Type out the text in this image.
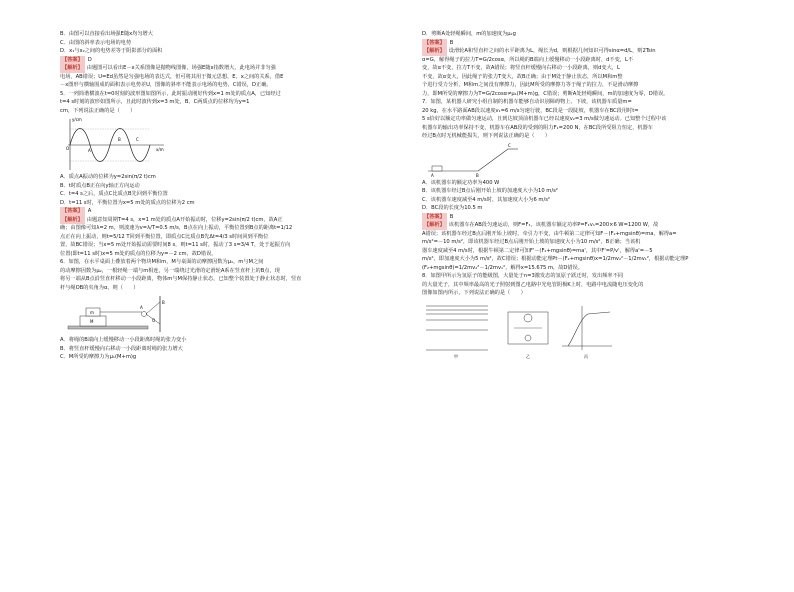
B．由图可以直接看出场强E随x均匀增大
C．由图的斜率表示电场的电势
D．x₁与x₂之间的电势差等于阴影部分的面积
【答案】 D
【解析】 由题图可以看出E－x关系图像是抛物线图像，场强E随x指数增大，此电场并非匀强
电场，AB错误；U=Ed虽然是匀强电场的表达式，但可将其用于微元思想，E、x之间的关系，借E
－x图形与横轴围成的面积表示电势差U，图像的斜率不能表示电场的电势，C错误，D正确。
5．一列简谐横波在t=0时刻的波形图如图所示，此时振动刚好传到x=1 m处的质点A，已知经过
t=4 s时刻的波形如图所示，且此时波传到x=3 m处，B、C两质点的位移均为y=1
cm，下列说法正确的是（　　）
y/cm
x/m
O	A
B	C
A．质点A振动的位移为y=2sin(π/2 t)cm
B．t时质点B正在向y轴正方向运动
C．t=4 s之后，质点C比质点B先回到平衡位置
D．t=11 s时，平衡位置为x=5 m处的质点的位移为2 cm
【答案】 A
【解析】 由题意知周期T=4 s，x=1 m处的质点A开始振动时，位移y=2sin(π/2 t)cm，故A正
确；由图像可知λ=2 m，则波速为v=λ/T=0.5 m/s，B点在向上振动，平衡位置到B点的距离t=1/12
点正在向上振动，则t=5/12 T回到平衡位置，即质点C比质点B先Δt=4/3 s时间回到平衡位
置，故BC错误；当x=5 m处开始振动需要时间8 s，则t=11 s时，振动了3 s=3/4 T，处于起振方向
位置(即t=11 s时)x=5 m处的质点的位移为y=－2 cm，故D错误。
6．如图，在水平桌面上叠放着两个物块M和m，M与桌面的动摩擦因数为μ₁，m与M之间
的动摩擦因数为μ₂，一根轻绳一端与m相连，另一端绕过光滑的定滑轮A系在竖直杆上的B点，现
将另一端从B点沿竖直杆移动一小段距离，物体m与M保持静止状态，已知整个装置处于静止状态时，竖直
杆与绳OB的夹角为α，则（　　）
m
M
A
B
O
A．将绳的B端向上缓慢移动一小段距离时绳的张力变小
B．将竖直杆缓慢向右移动一小段距离时绳的张力增大
C．M所受的摩擦力为μ₁(M+m)g
D．剪断A处轻绳瞬间，m的加速度为μ₂g
【答案】 B
【解析】 设滑轮A和竖直杆之间的水平距离为L，绳长为d，则根据几何知识可得sinα=d/L，则2Tsin
α=G，解得绳子的拉力T=G/2cosα，所以绳的B端向上缓慢移动一小段距离时，d不变，L不
变，故α不变，拉力T不变，故A错误；将竖直杆缓慢向右移动一小段距离，则d变大，L
不变，故α变大，因此绳子的张力T变大，故B正确；由于M处于静止状态，所以M和m整
个进行受力分析，M和m之间没有摩擦力，因此M所受的摩擦力等于绳子的拉力，不是滑动摩擦
力，即M所受的摩擦力为T=G/2cosα≠μ₁(M+m)g，C错误；剪断A处轻绳瞬间，m的加速度为零，D错误。
7．如图，某机器人研究小组自制的机器车能够自动识别障碍物上、下坡，该机器车质量m=
20 kg，在水平路面AB段以速度v₁=6 m/s匀速行驶，BC段是一段陡坡，机器车在BC段用时t=
5 s恰好以额定功率做匀速运动，且到达坡顶前机器车已经以速度v₂=3 m/s做匀速运动。已知整个过程中该
机器车的输出功率保持不变，机器车在AB段的受到的阻力F₁=200 N，在BC段所受阻力恒定，机器车
经过B点时无机械能损失，则下列说法正确的是（　　）
A	B
C
A．该机器车的额定功率为400 W
B．该机器车经过B点后刚开始上坡的加速度大小为10 m/s²
C．该机器车速度减至4 m/s时，其加速度大小为6 m/s²
D．BC段的长度为10.5 m
【答案】 B
【解析】 该机器车在AB段匀速运动，则F=F₁，该机器车额定功率P=F₁v₁=200×6 W=1200 W，故
A错误；该机器车经过B点后刚开始上坡时，牵引力不变，由牛顿第二定律可知F－(F₂+mgsinθ)=ma，解得a=
m/s²=－10 m/s²，即该机器车经过B点后刚开始上坡的加速度大小为10 m/s²，B正确；当该机
器车速度减至4 m/s时，根据牛顿第二定律可知F'－(F₂+mgsinθ)=ma'，其中F'=P/v'，解得a'=－5
m/s²，即加速度大小为5 m/s²，故C错误；根据动能定理Pt－(F₂+mgsinθ)x=1/2mv₂²－1/2mv₁²，根据动能定理P
(F₂+mgsinθ)=1/2mv₂²－1/2mv₁²，解得x=15.675 m，故D错误。
8．如图甲所示为氢原子的能级图，大量处于n=3激发态的氢原子跃迁时，发出频率不同
的大量光子，其中频率最高的光子照射到图乙电路中光电管阴极K上时，电路中电流随电压变化的
图像如图丙所示，下列说法正确的是（　　）
甲	乙	丙
